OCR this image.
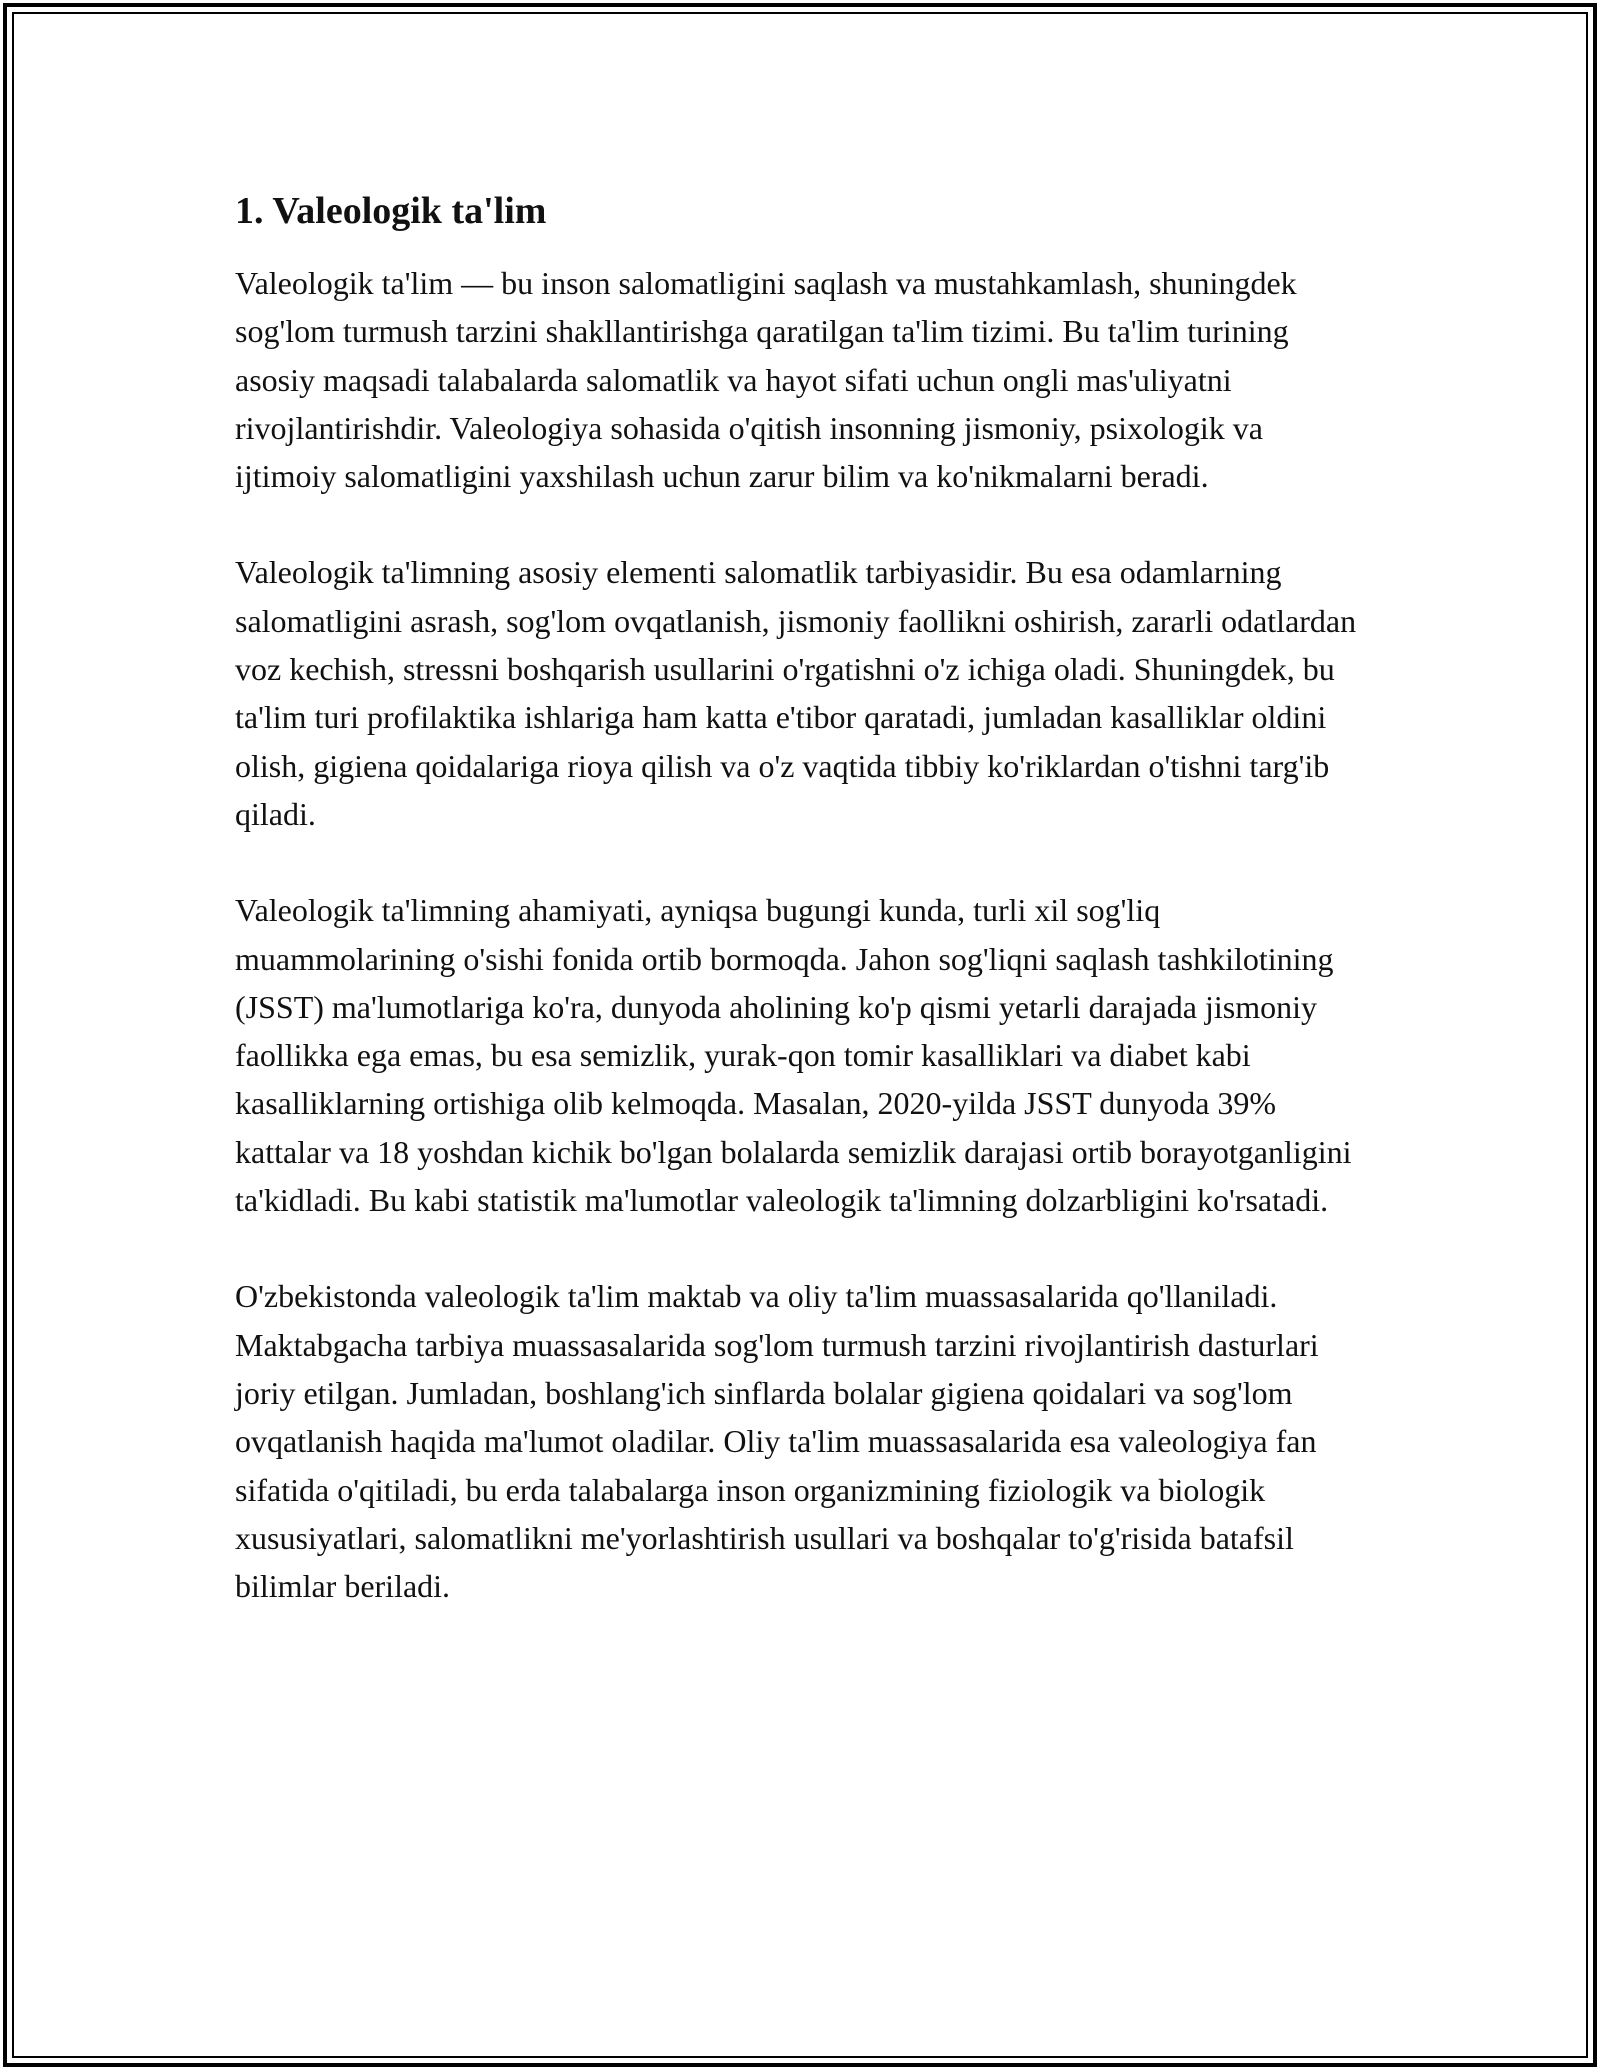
1. Valeologik ta'lim

Valeologik ta'lim — bu inson salomatligini saqlash va mustahkamlash, shuningdek sog'lom turmush tarzini shakllantirishga qaratilgan ta'lim tizimi. Bu ta'lim turining asosiy maqsadi talabalarda salomatlik va hayot sifati uchun ongli mas'uliyatni rivojlantirishdir. Valeologiya sohasida o'qitish insonning jismoniy, psixologik va ijtimoiy salomatligini yaxshilash uchun zarur bilim va ko'nikmalarni beradi.

Valeologik ta'limning asosiy elementi salomatlik tarbiyasidir. Bu esa odamlarning salomatligini asrash, sog'lom ovqatlanish, jismoniy faollikni oshirish, zararli odatlardan voz kechish, stressni boshqarish usullarini o'rgatishni o'z ichiga oladi. Shuningdek, bu ta'lim turi profilaktika ishlariga ham katta e'tibor qaratadi, jumladan kasalliklar oldini olish, gigiena qoidalariga rioya qilish va o'z vaqtida tibbiy ko'riklardan o'tishni targ'ib qiladi.

Valeologik ta'limning ahamiyati, ayniqsa bugungi kunda, turli xil sog'liq muammolarining o'sishi fonida ortib bormoqda. Jahon sog'liqni saqlash tashkilotining (JSST) ma'lumotlariga ko'ra, dunyoda aholining ko'p qismi yetarli darajada jismoniy faollikka ega emas, bu esa semizlik, yurak-qon tomir kasalliklari va diabet kabi kasalliklarning ortishiga olib kelmoqda. Masalan, 2020-yilda JSST dunyoda 39% kattalar va 18 yoshdan kichik bo'lgan bolalarda semizlik darajasi ortib borayotganligini ta'kidladi. Bu kabi statistik ma'lumotlar valeologik ta'limning dolzarbligini ko'rsatadi.

O'zbekistonda valeologik ta'lim maktab va oliy ta'lim muassasalarida qo'llaniladi. Maktabgacha tarbiya muassasalarida sog'lom turmush tarzini rivojlantirish dasturlari joriy etilgan. Jumladan, boshlang'ich sinflarda bolalar gigiena qoidalari va sog'lom ovqatlanish haqida ma'lumot oladilar. Oliy ta'lim muassasalarida esa valeologiya fan sifatida o'qitiladi, bu erda talabalarga inson organizmining fiziologik va biologik xususiyatlari, salomatlikni me'yorlashtirish usullari va boshqalar to'g'risida batafsil bilimlar beriladi.
